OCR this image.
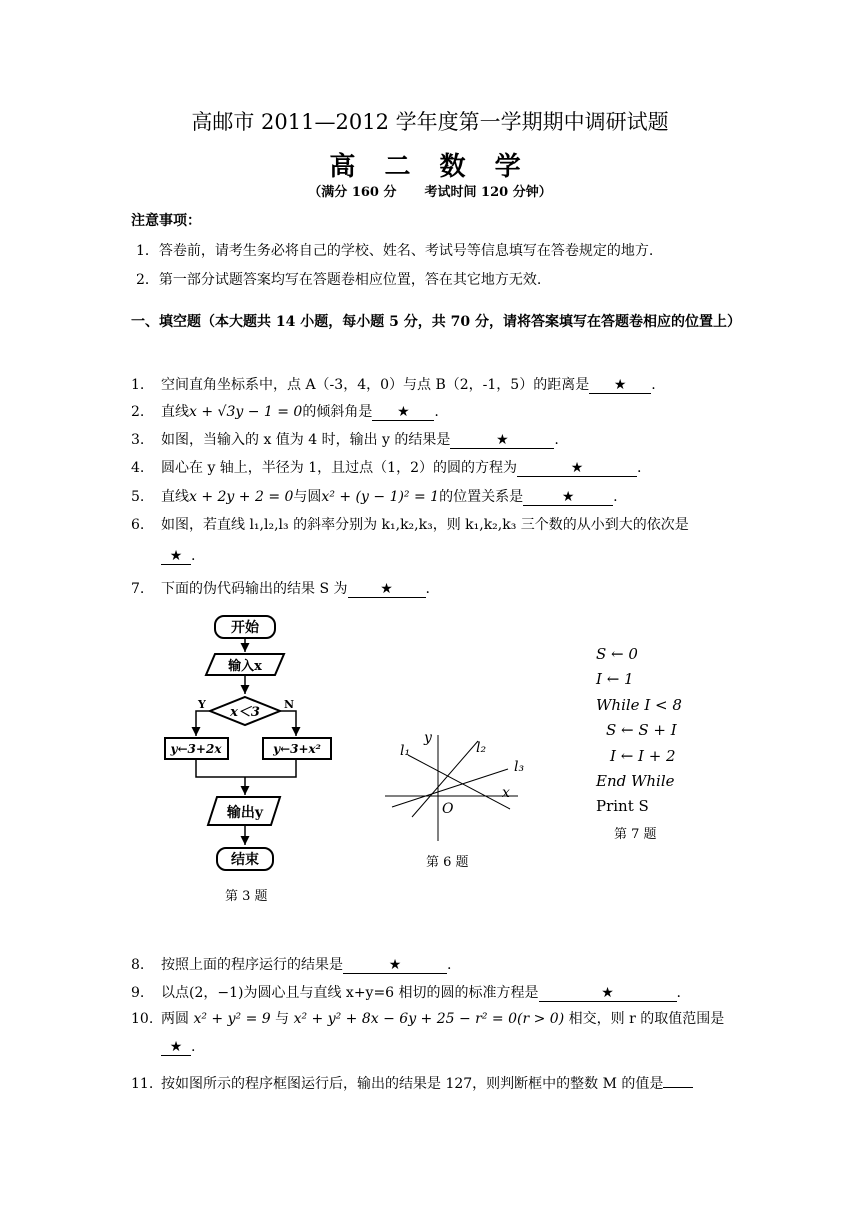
高邮市 2011—2012 学年度第一学期期中调研试题
高 二 数 学
（满分 160 分 考试时间 120 分钟）
注意事项：
1．答卷前，请考生务必将自己的学校、姓名、考试号等信息填写在答卷规定的地方.
2．第一部分试题答案均写在答题卷相应位置，答在其它地方无效.
一、填空题（本大题共 14 小题，每小题 5 分，共 70 分，请将答案填写在答题卷相应的位置上）
1. 空间直角坐标系中，点 A（-3，4，0）与点 B（2，-1，5）的距离是 ★ .
2. 直线x + √3y − 1 = 0的倾斜角是 ★ .
3. 如图，当输入的 x 值为 4 时，输出 y 的结果是	★	.
4. 圆心在 y 轴上，半径为 1，且过点（1，2）的圆的方程为	★	.
5. 直线x + 2y + 2 = 0与圆x² + (y − 1)² = 1的位置关系是	★	.
6. 如图，若直线 l₁,l₂,l₃ 的斜率分别为 k₁,k₂,k₃，则 k₁,k₂,k₃ 三个数的从小到大的依次是
★ .
7. 下面的伪代码输出的结果 S 为 ★ .
开始
输入x
x＜3
Y	N
y←3+2x	y←3+x²
输出y
结束
第 3 题
y
x
O
l₁	l₂
l₃
第 6 题
S ← 0
I ← 1
While I < 8
S ← S + I
I ← I + 2
End While
Print S
第 7 题
8. 按照上面的程序运行的结果是	★	.
9. 以点(2，−1)为圆心且与直线 x+y=6 相切的圆的标准方程是	★	.
10. 两圆 x² + y² = 9 与 x² + y² + 8x − 6y + 25 − r² = 0(r > 0) 相交，则 r 的取值范围是
★ .
11. 按如图所示的程序框图运行后，输出的结果是 127，则判断框中的整数 M 的值是
